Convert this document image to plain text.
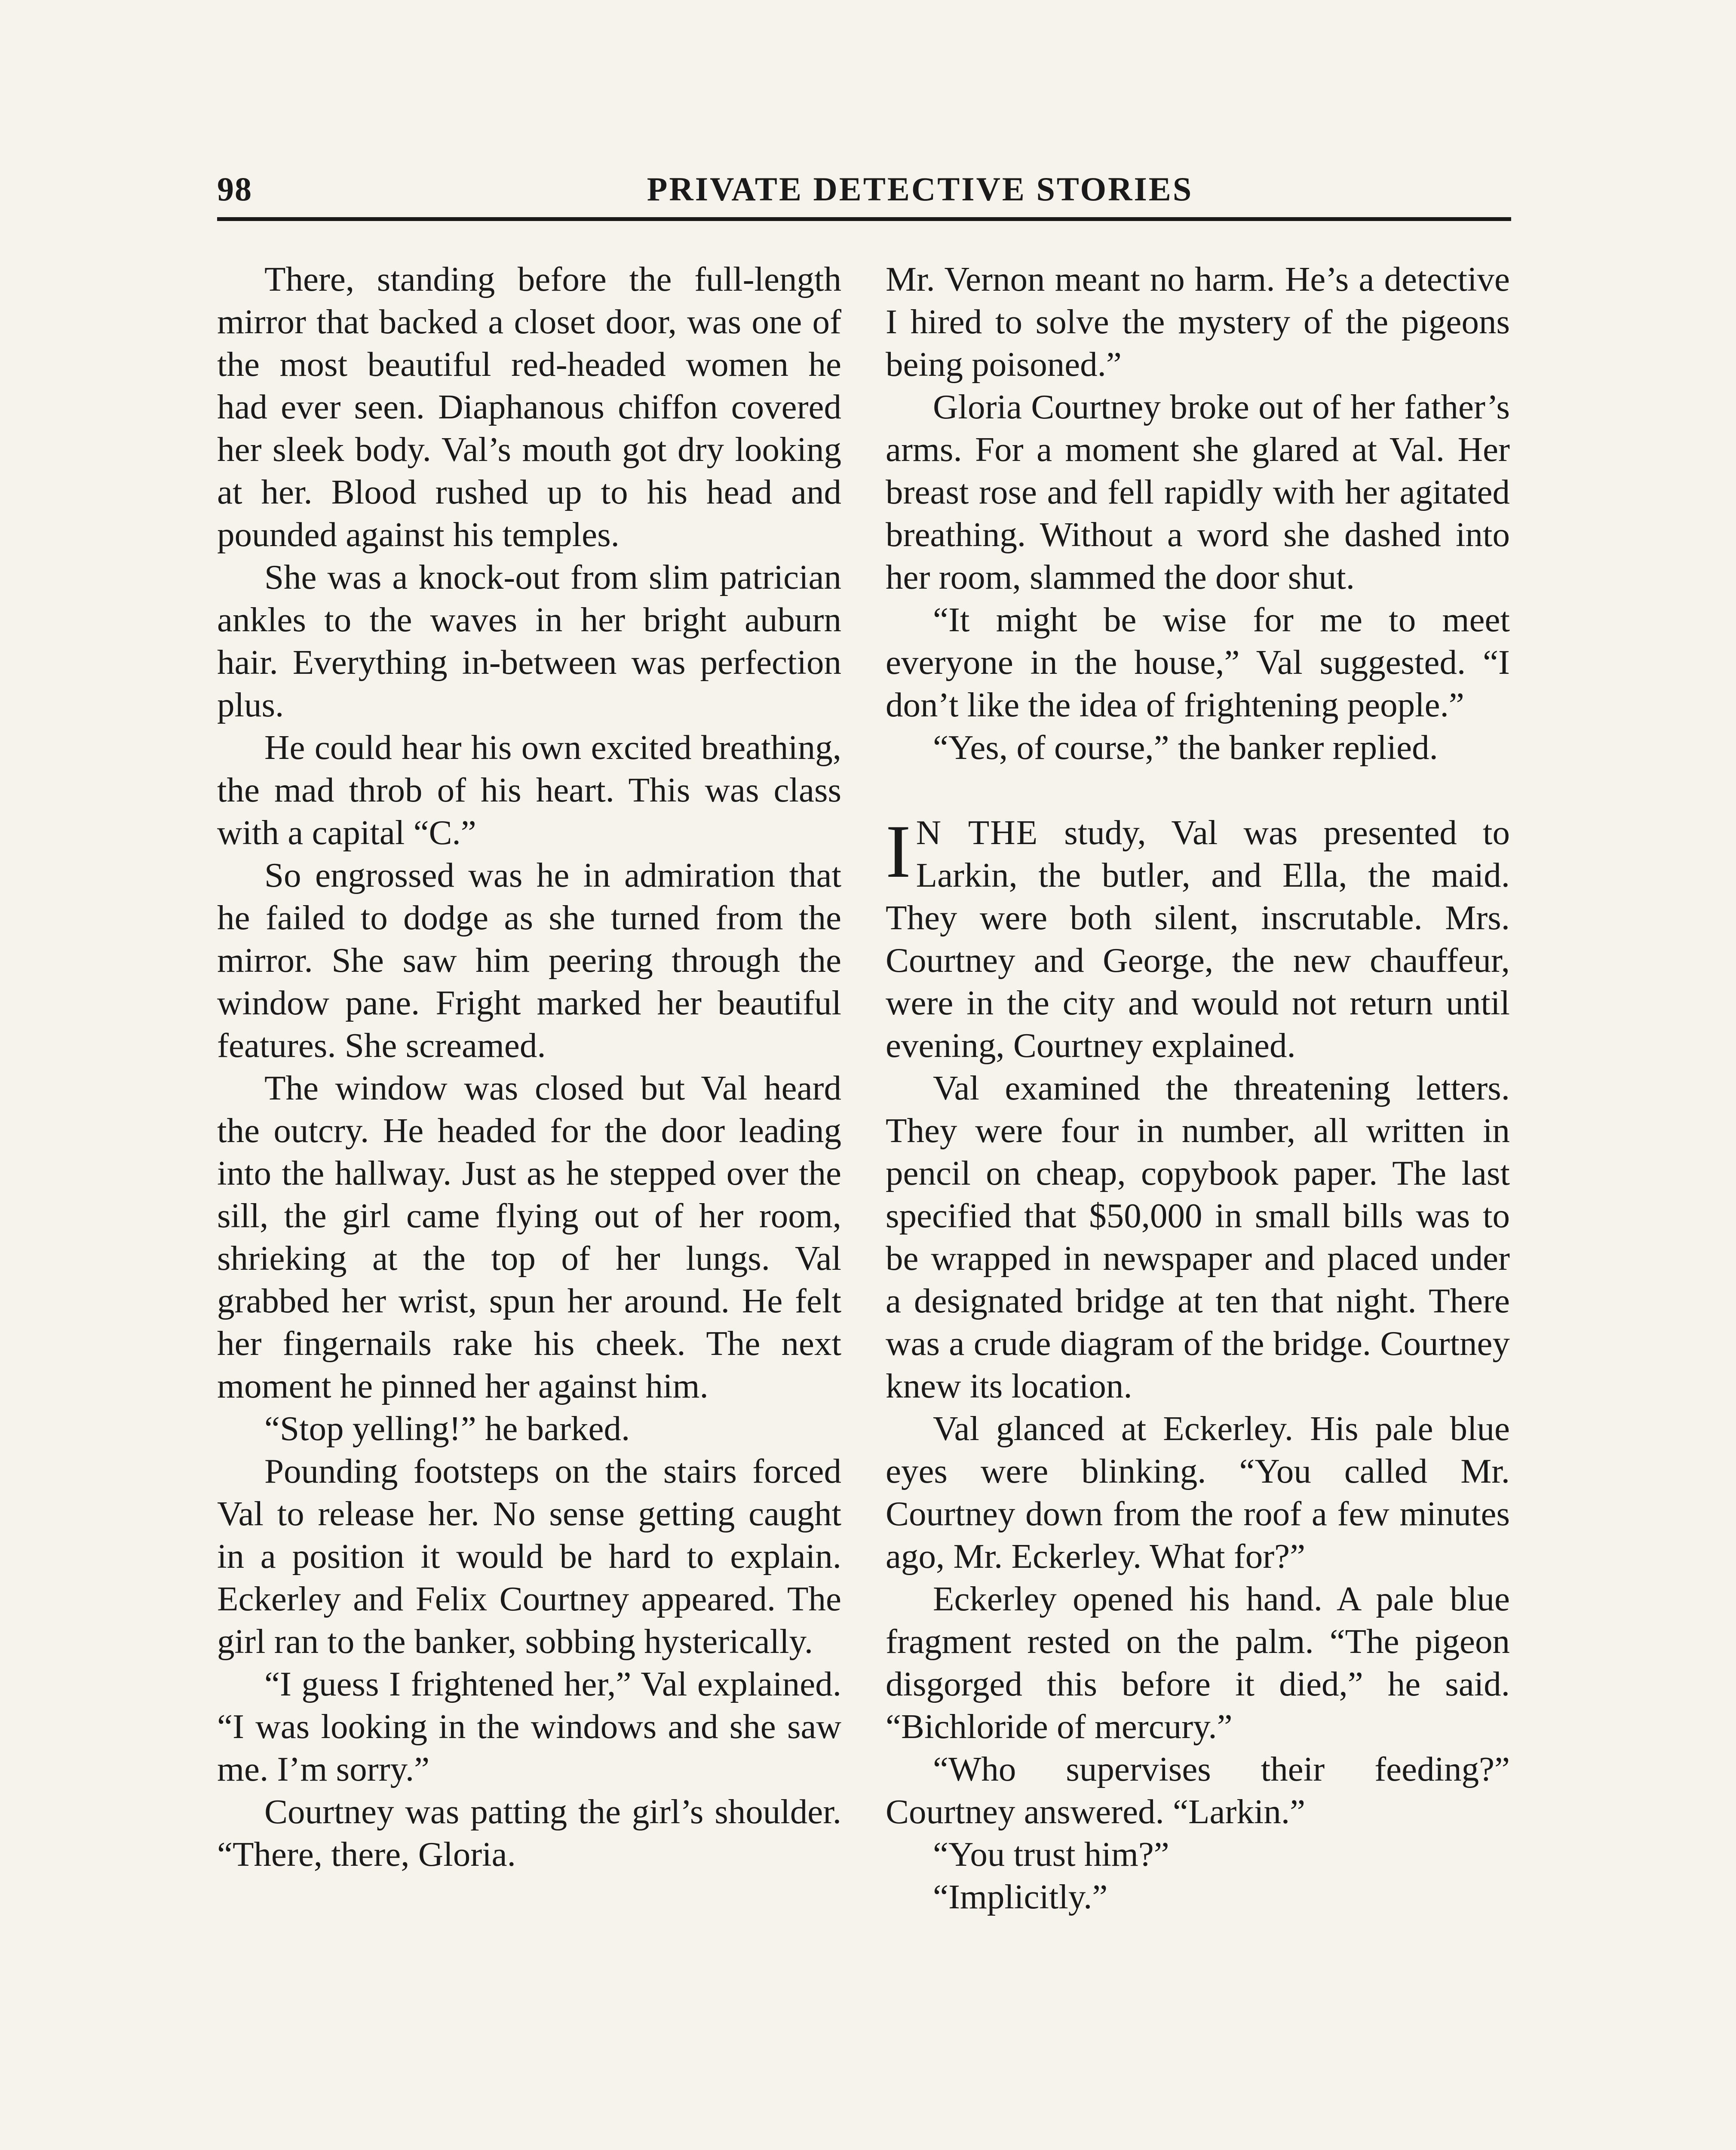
98	PRIVATE DETECTIVE STORIES

There, standing before the full-length mirror that backed a closet door, was one of the most beautiful red-headed women he had ever seen. Diaphanous chiffon covered her sleek body. Val’s mouth got dry looking at her. Blood rushed up to his head and pounded against his temples.

She was a knock-out from slim patrician ankles to the waves in her bright auburn hair. Everything in-between was perfection plus.

He could hear his own excited breathing, the mad throb of his heart. This was class with a capital “C.”

So engrossed was he in admiration that he failed to dodge as she turned from the mirror. She saw him peering through the window pane. Fright marked her beautiful features. She screamed.

The window was closed but Val heard the outcry. He headed for the door leading into the hallway. Just as he stepped over the sill, the girl came flying out of her room, shrieking at the top of her lungs. Val grabbed her wrist, spun her around. He felt her fingernails rake his cheek. The next moment he pinned her against him.

“Stop yelling!” he barked.

Pounding footsteps on the stairs forced Val to release her. No sense getting caught in a position it would be hard to explain. Eckerley and Felix Courtney appeared. The girl ran to the banker, sobbing hysterically.

“I guess I frightened her,” Val explained. “I was looking in the windows and she saw me. I’m sorry.”

Courtney was patting the girl’s shoulder. “There, there, Gloria.

Mr. Vernon meant no harm. He’s a detective I hired to solve the mystery of the pigeons being poisoned.”

Gloria Courtney broke out of her father’s arms. For a moment she glared at Val. Her breast rose and fell rapidly with her agitated breathing. Without a word she dashed into her room, slammed the door shut.

“It might be wise for me to meet everyone in the house,” Val suggested. “I don’t like the idea of frightening people.”

“Yes, of course,” the banker replied.

I N THE study, Val was presented to Larkin, the butler, and Ella, the maid. They were both silent, inscrutable. Mrs. Courtney and George, the new chauffeur, were in the city and would not return until evening, Courtney explained.

Val examined the threatening letters. They were four in number, all written in pencil on cheap, copybook paper. The last specified that $50,000 in small bills was to be wrapped in newspaper and placed under a designated bridge at ten that night. There was a crude diagram of the bridge. Courtney knew its location.

Val glanced at Eckerley. His pale blue eyes were blinking. “You called Mr. Courtney down from the roof a few minutes ago, Mr. Eckerley. What for?”

Eckerley opened his hand. A pale blue fragment rested on the palm. “The pigeon disgorged this before it died,” he said. “Bichloride of mercury.”

“Who supervises their feeding?” Courtney answered. “Larkin.”

“You trust him?”

“Implicitly.”
